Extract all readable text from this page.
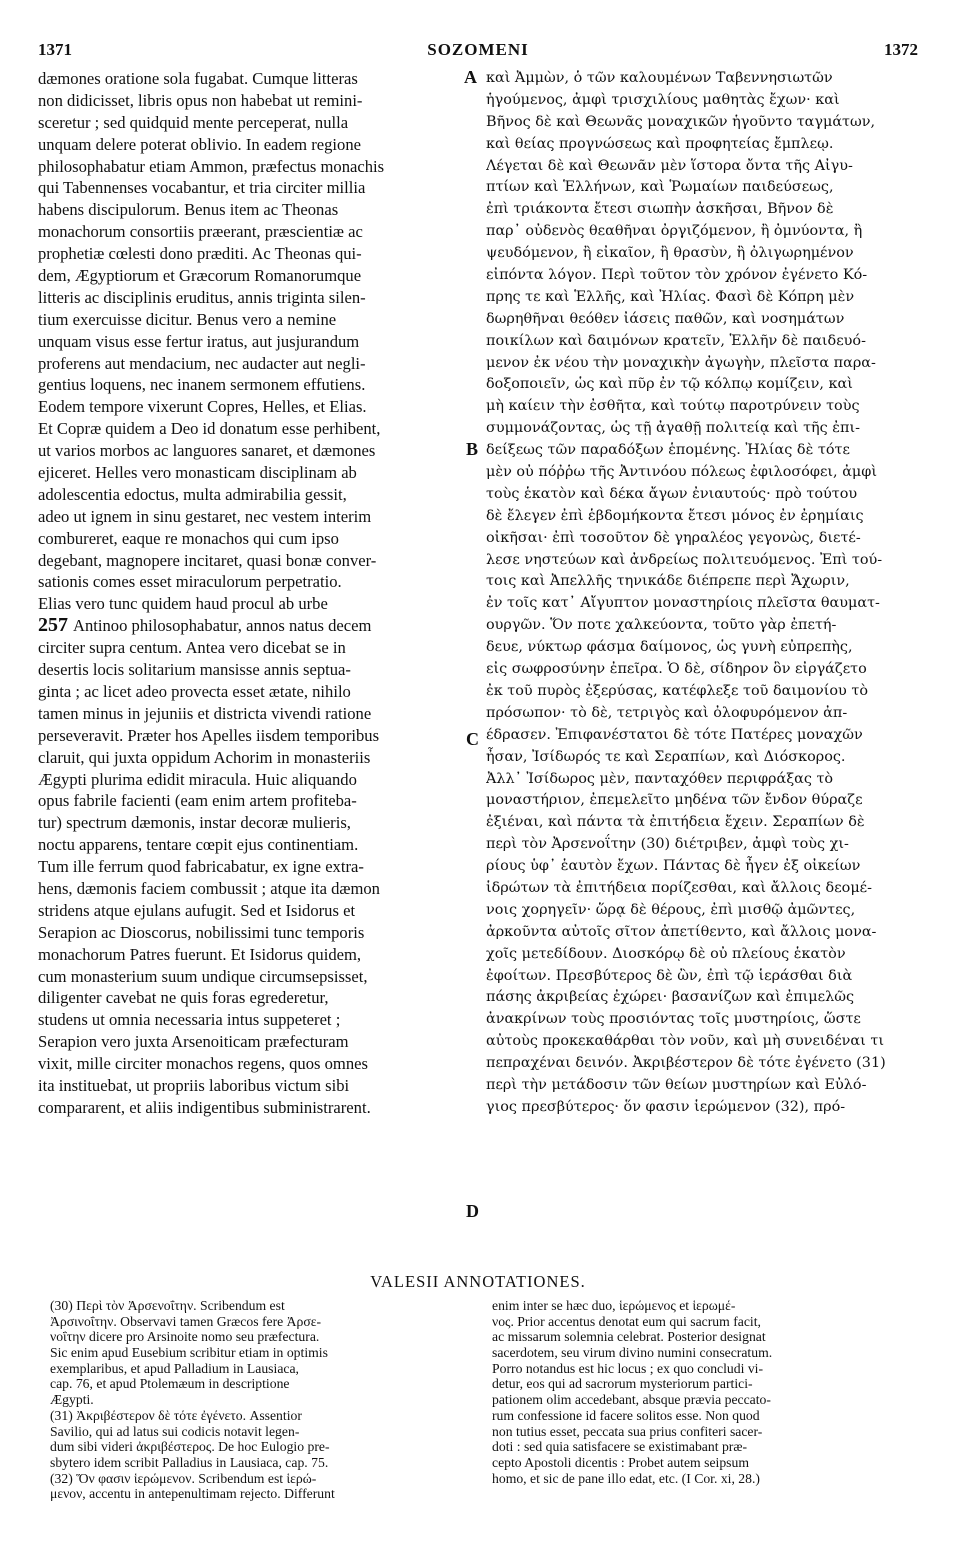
1371	SOZOMENI	1372
dæmones oratione sola fugabat. Cumque litteras
non didicisset, libris opus non habebat ut remini-
sceretur ; sed quidquid mente perceperat, nulla
unquam delere poterat oblivio. In eadem regione
philosophabatur etiam Ammon, præfectus monachis
qui Tabennenses vocabantur, et tria circiter millia
habens discipulorum. Benus item ac Theonas
monachorum consortiis præerant, præscientiæ ac
prophetiæ cœlesti dono præditi. Ac Theonas qui-
dem, Ægyptiorum et Græcorum Romanorumque
litteris ac disciplinis eruditus, annis triginta silen-
tium exercuisse dicitur. Benus vero a nemine
unquam visus esse fertur iratus, aut jusjurandum
proferens aut mendacium, nec audacter aut negli-
gentius loquens, nec inanem sermonem effutiens.
Eodem tempore vixerunt Copres, Helles, et Elias.
Et Copræ quidem a Deo id donatum esse perhibent,
ut varios morbos ac languores sanaret, et dæmones
ejiceret. Helles vero monasticam disciplinam ab
adolescentia edoctus, multa admirabilia gessit,
adeo ut ignem in sinu gestaret, nec vestem interim
combureret, eaque re monachos qui cum ipso
degebant, magnopere incitaret, quasi bonæ conver-
sationis comes esset miraculorum perpetratio.
Elias vero tunc quidem haud procul ab urbe
257 Antinoo philosophabatur, annos natus decem
circiter supra centum. Antea vero dicebat se in
desertis locis solitarium mansisse annis septua-
ginta ; ac licet adeo provecta esset ætate, nihilo
tamen minus in jejuniis et districta vivendi ratione
perseveravit. Præter hos Apelles iisdem temporibus
claruit, qui juxta oppidum Achorim in monasteriis
Ægypti plurima edidit miracula. Huic aliquando
opus fabrile facienti (eam enim artem profiteba-
tur) spectrum dæmonis, instar decoræ mulieris,
noctu apparens, tentare cœpit ejus continentiam.
Tum ille ferrum quod fabricabatur, ex igne extra-
hens, dæmonis faciem combussit ; atque ita dæmon
stridens atque ejulans aufugit. Sed et Isidorus et
Serapion ac Dioscorus, nobilissimi tunc temporis
monachorum Patres fuerunt. Et Isidorus quidem,
cum monasterium suum undique circumsepsisset,
diligenter cavebat ne quis foras egrederetur,
studens ut omnia necessaria intus suppeteret ;
Serapion vero juxta Arsenoiticam præfecturam
vixit, mille circiter monachos regens, quos omnes
ita instituebat, ut propriis laboribus victum sibi
compararent, et aliis indigentibus subministrarent.
καὶ Ἀμμὼν, ὁ τῶν καλουμένων Ταβεννησιωτῶν
ἡγούμενος, ἀμφὶ τρισχιλίους μαθητὰς ἔχων· καὶ
Βῆνος δὲ καὶ Θεωνᾶς μοναχικῶν ἡγοῦντο ταγμάτων,
καὶ θείας προγνώσεως καὶ προφητείας ἔμπλεῳ.
Λέγεται δὲ καὶ Θεωνᾶν μὲν ἵστορα ὄντα τῆς Αἰγυ-
πτίων καὶ Ἑλλήνων, καὶ Ῥωμαίων παιδεύσεως,
ἐπὶ τριάκοντα ἔτεσι σιωπὴν ἀσκῆσαι, Βῆνον δὲ
παρ᾽ οὐδενὸς θεαθῆναι ὀργιζόμενον, ἢ ὀμνύοντα, ἢ
ψευδόμενον, ἢ εἰκαῖον, ἢ θρασὺν, ἢ ὀλιγωρημένον
εἰπόντα λόγον. Περὶ τοῦτον τὸν χρόνον ἐγένετο Κό-
πρης τε καὶ Ἑλλῆς, καὶ Ἠλίας. Φασὶ δὲ Κόπρη μὲν
δωρηθῆναι θεόθεν ἰάσεις παθῶν, καὶ νοσημάτων
ποικίλων καὶ δαιμόνων κρατεῖν, Ἑλλῆν δὲ παιδευό-
μενον ἐκ νέου τὴν μοναχικὴν ἀγωγὴν, πλεῖστα παρα-
δοξοποιεῖν, ὡς καὶ πῦρ ἐν τῷ κόλπῳ κομίζειν, καὶ
μὴ καίειν τὴν ἐσθῆτα, καὶ τούτῳ παροτρύνειν τοὺς
συμμονάζοντας, ὡς τῇ ἀγαθῇ πολιτείᾳ καὶ τῆς ἐπι-
δείξεως τῶν παραδόξων ἑπομένης. Ἠλίας δὲ τότε
μὲν οὐ πόῤῥω τῆς Ἀντινόου πόλεως ἐφιλοσόφει, ἀμφὶ
τοὺς ἑκατὸν καὶ δέκα ἄγων ἐνιαυτούς· πρὸ τούτου
δὲ ἔλεγεν ἐπὶ ἑβδομήκοντα ἔτεσι μόνος ἐν ἐρημίαις
οἰκῆσαι· ἐπὶ τοσοῦτον δὲ γηραλέος γεγονὼς, διετέ-
λεσε νηστεύων καὶ ἀνδρείως πολιτευόμενος. Ἐπὶ τού-
τοις καὶ Ἀπελλῆς τηνικάδε διέπρεπε περὶ Ἄχωριν,
ἐν τοῖς κατ᾽ Αἴγυπτον μοναστηρίοις πλεῖστα θαυματ-
ουργῶν. Ὅν ποτε χαλκεύοντα, τοῦτο γὰρ ἐπετή-
δευε, νύκτωρ φάσμα δαίμονος, ὡς γυνὴ εὐπρεπὴς,
εἰς σωφροσύνην ἐπεῖρα. Ὁ δὲ, σίδηρον ὃν εἰργάζετο
ἐκ τοῦ πυρὸς ἐξερύσας, κατέφλεξε τοῦ δαιμονίου τὸ
πρόσωπον· τὸ δὲ, τετριγὸς καὶ ὀλοφυρόμενον ἀπ-
έδρασεν. Ἐπιφανέστατοι δὲ τότε Πατέρες μοναχῶν
ἦσαν, Ἰσίδωρός τε καὶ Σεραπίων, καὶ Διόσκορος.
Ἀλλ᾽ Ἰσίδωρος μὲν, πανταχόθεν περιφράξας τὸ
μοναστήριον, ἐπεμελεῖτο μηδένα τῶν ἔνδον θύραζε
ἐξιέναι, καὶ πάντα τὰ ἐπιτήδεια ἔχειν. Σεραπίων δὲ
περὶ τὸν Ἀρσενοΐτην (30) διέτριβεν, ἀμφὶ τοὺς χι-
ρίους ὑφ᾽ ἑαυτὸν ἔχων. Πάντας δὲ ἦγεν ἐξ οἰκείων
ἱδρώτων τὰ ἐπιτήδεια πορίζεσθαι, καὶ ἄλλοις δεομέ-
νοις χορηγεῖν· ὥρᾳ δὲ θέρους, ἐπὶ μισθῷ ἀμῶντες,
ἀρκοῦντα αὐτοῖς σῖτον ἀπετίθεντο, καὶ ἄλλοις μονα-
χοῖς μετεδίδουν. Διοσκόρῳ δὲ οὐ πλείους ἑκατὸν
ἐφοίτων. Πρεσβύτερος δὲ ὢν, ἐπὶ τῷ ἱεράσθαι διὰ
πάσης ἀκριβείας ἐχώρει· βασανίζων καὶ ἐπιμελῶς
ἀνακρίνων τοὺς προσιόντας τοῖς μυστηρίοις, ὥστε
αὐτοὺς προκεκαθάρθαι τὸν νοῦν, καὶ μὴ συνειδέναι τι
πεπραχέναι δεινόν. Ἀκριβέστερον δὲ τότε ἐγένετο (31)
περὶ τὴν μετάδοσιν τῶν θείων μυστηρίων καὶ Εὐλό-
γιος πρεσβύτερος· ὅν φασιν ἱερώμενον (32), πρό-
A
B
C
D
VALESII ANNOTATIONES.
(30) Περὶ τὸν Ἀρσενοΐτην. Scribendum est
Ἀρσινοΐτην. Observavi tamen Græcos fere Ἀρσε-
νοΐτην dicere pro Arsinoite nomo seu præfectura.
Sic enim apud Eusebium scribitur etiam in optimis
exemplaribus, et apud Palladium in Lausiaca,
cap. 76, et apud Ptolemæum in descriptione
Ægypti.
(31) Ἀκριβέστερον δὲ τότε ἐγένετο. Assentior
Savilio, qui ad latus sui codicis notavit legen-
dum sibi videri ἀκριβέστερος. De hoc Eulogio pre-
sbytero idem scribit Palladius in Lausiaca, cap. 75.
(32) Ὅν φασιν ἱερώμενον. Scribendum est ἱερώ-
μενον, accentu in antepenultimam rejecto. Differunt
enim inter se hæc duo, ἱερώμενος et ἱερωμέ-
νος. Prior accentus denotat eum qui sacrum facit,
ac missarum solemnia celebrat. Posterior designat
sacerdotem, seu virum divino numini consecratum.
Porro notandus est hic locus ; ex quo concludi vi-
detur, eos qui ad sacrorum mysteriorum partici-
pationem olim accedebant, absque prævia peccato-
rum confessione id facere solitos esse. Non quod
non tutius esset, peccata sua prius confiteri sacer-
doti : sed quia satisfacere se existimabant præ-
cepto Apostoli dicentis : Probet autem seipsum
homo, et sic de pane illo edat, etc. (I Cor. xi, 28.)
